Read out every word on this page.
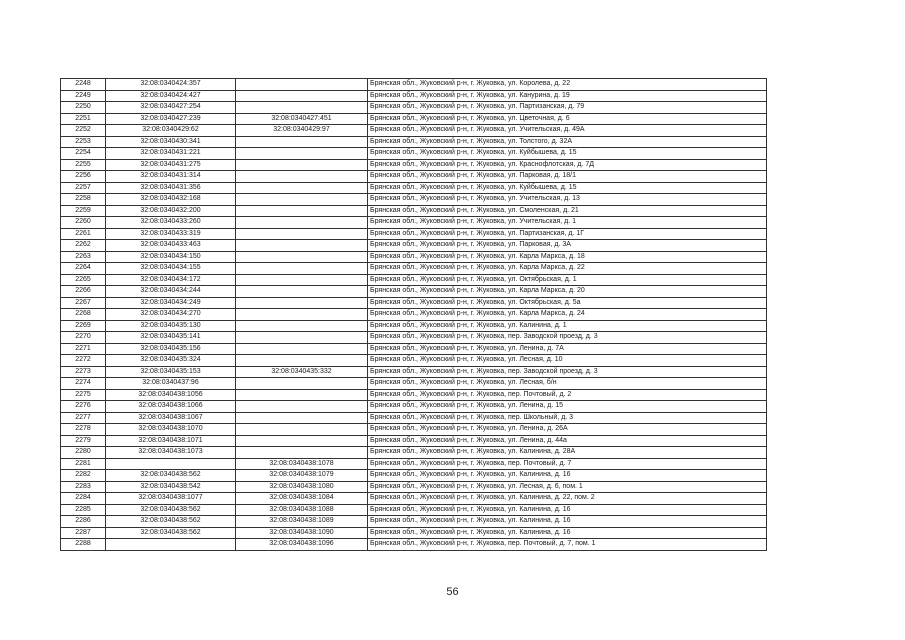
2248	32:08:0340424:357		Брянская обл., Жуковский р-н, г. Жуковка, ул. Королева, д. 22
2249	32:08:0340424:427		Брянская обл., Жуковский р-н, г. Жуковка, ул. Канурина, д. 19
2250	32:08:0340427:254		Брянская обл., Жуковский р-н, г. Жуковка, ул. Партизанская, д. 79
2251	32:08:0340427:239	32:08:0340427:451	Брянская обл., Жуковский р-н, г. Жуковка, ул. Цветочная, д. 6
2252	32:08:0340429:62	32:08:0340429:97	Брянская обл., Жуковский р-н, г. Жуковка, ул. Учительская, д. 49А
2253	32:08:0340430:341		Брянская обл., Жуковский р-н, г. Жуковка, ул. Толстого, д. 32А
2254	32:08:0340431:221		Брянская обл., Жуковский р-н, г. Жуковка, ул. Куйбышева, д. 15
2255	32:08:0340431:275		Брянская обл., Жуковский р-н, г. Жуковка, ул. Краснофлотская, д. 7Д
2256	32:08:0340431:314		Брянская обл., Жуковский р-н, г. Жуковка, ул. Парковая, д. 18/1
2257	32:08:0340431:356		Брянская обл., Жуковский р-н, г. Жуковка, ул. Куйбышева, д. 15
2258	32:08:0340432:168		Брянская обл., Жуковский р-н, г. Жуковка, ул. Учительская, д. 13
2259	32:08:0340432:200		Брянская обл., Жуковский р-н, г. Жуковка, ул. Смоленская, д. 21
2260	32:08:0340433:260		Брянская обл., Жуковский р-н, г. Жуковка, ул. Учительская, д. 1
2261	32:08:0340433:319		Брянская обл., Жуковский р-н, г. Жуковка, ул. Партизанская, д. 1Г
2262	32:08:0340433:463		Брянская обл., Жуковский р-н, г. Жуковка, ул. Парковая, д. 3А
2263	32:08:0340434:150		Брянская обл., Жуковский р-н, г. Жуковка, ул. Карла Маркса, д. 18
2264	32:08:0340434:155		Брянская обл., Жуковский р-н, г. Жуковка, ул. Карла Маркса, д. 22
2265	32:08:0340434:172		Брянская обл., Жуковский р-н, г. Жуковка, ул. Октябрьская, д. 1
2266	32:08:0340434:244		Брянская обл., Жуковский р-н, г. Жуковка, ул. Карла Маркса, д. 20
2267	32:08:0340434:249		Брянская обл., Жуковский р-н, г. Жуковка, ул. Октябрьская, д. 5а
2268	32:08:0340434:270		Брянская обл., Жуковский р-н, г. Жуковка, ул. Карла Маркса, д. 24
2269	32:08:0340435:130		Брянская обл., Жуковский р-н, г. Жуковка, ул. Калинина, д. 1
2270	32:08:0340435:141		Брянская обл., Жуковский р-н, г. Жуковка, пер. Заводской проезд, д. 3
2271	32:08:0340435:156		Брянская обл., Жуковский р-н, г. Жуковка, ул. Ленина, д. 7А
2272	32:08:0340435:324		Брянская обл., Жуковский р-н, г. Жуковка, ул. Лесная, д. 10
2273	32:08:0340435:153	32:08:0340435:332	Брянская обл., Жуковский р-н, г. Жуковка, пер. Заводской проезд, д. 3
2274	32:08:0340437:96		Брянская обл., Жуковский р-н, г. Жуковка, ул. Лесная, б/н
2275	32:08:0340438:1056		Брянская обл., Жуковский р-н, г. Жуковка, пер. Почтовый, д. 2
2276	32:08:0340438:1066		Брянская обл., Жуковский р-н, г. Жуковка, ул. Ленина, д. 15
2277	32:08:0340438:1067		Брянская обл., Жуковский р-н, г. Жуковка, пер. Школьный, д. 3
2278	32:08:0340438:1070		Брянская обл., Жуковский р-н, г. Жуковка, ул. Ленина, д. 26А
2279	32:08:0340438:1071		Брянская обл., Жуковский р-н, г. Жуковка, ул. Ленина, д. 44а
2280	32:08:0340438:1073		Брянская обл., Жуковский р-н, г. Жуковка, ул. Калинина, д. 28А
2281		32:08:0340438:1078	Брянская обл., Жуковский р-н, г. Жуковка, пер. Почтовый, д. 7
2282	32:08:0340438:562	32:08:0340438:1079	Брянская обл., Жуковский р-н, г. Жуковка, ул. Калинина, д. 16
2283	32:08:0340438:542	32:08:0340438:1080	Брянская обл., Жуковский р-н, г. Жуковка, ул. Лесная, д. 6, пом. 1
2284	32:08:0340438:1077	32:08:0340438:1084	Брянская обл., Жуковский р-н, г. Жуковка, ул. Калинина, д. 22, пом. 2
2285	32:08:0340438:562	32:08:0340438:1088	Брянская обл., Жуковский р-н, г. Жуковка, ул. Калинина, д. 16
2286	32:08:0340438:562	32:08:0340438:1089	Брянская обл., Жуковский р-н, г. Жуковка, ул. Калинина, д. 16
2287	32:08:0340438:562	32:08:0340438:1090	Брянская обл., Жуковский р-н, г. Жуковка, ул. Калинина, д. 16
2288		32:08:0340438:1096	Брянская обл., Жуковский р-н, г. Жуковка, пер. Почтовый, д. 7, пом. 1
56
